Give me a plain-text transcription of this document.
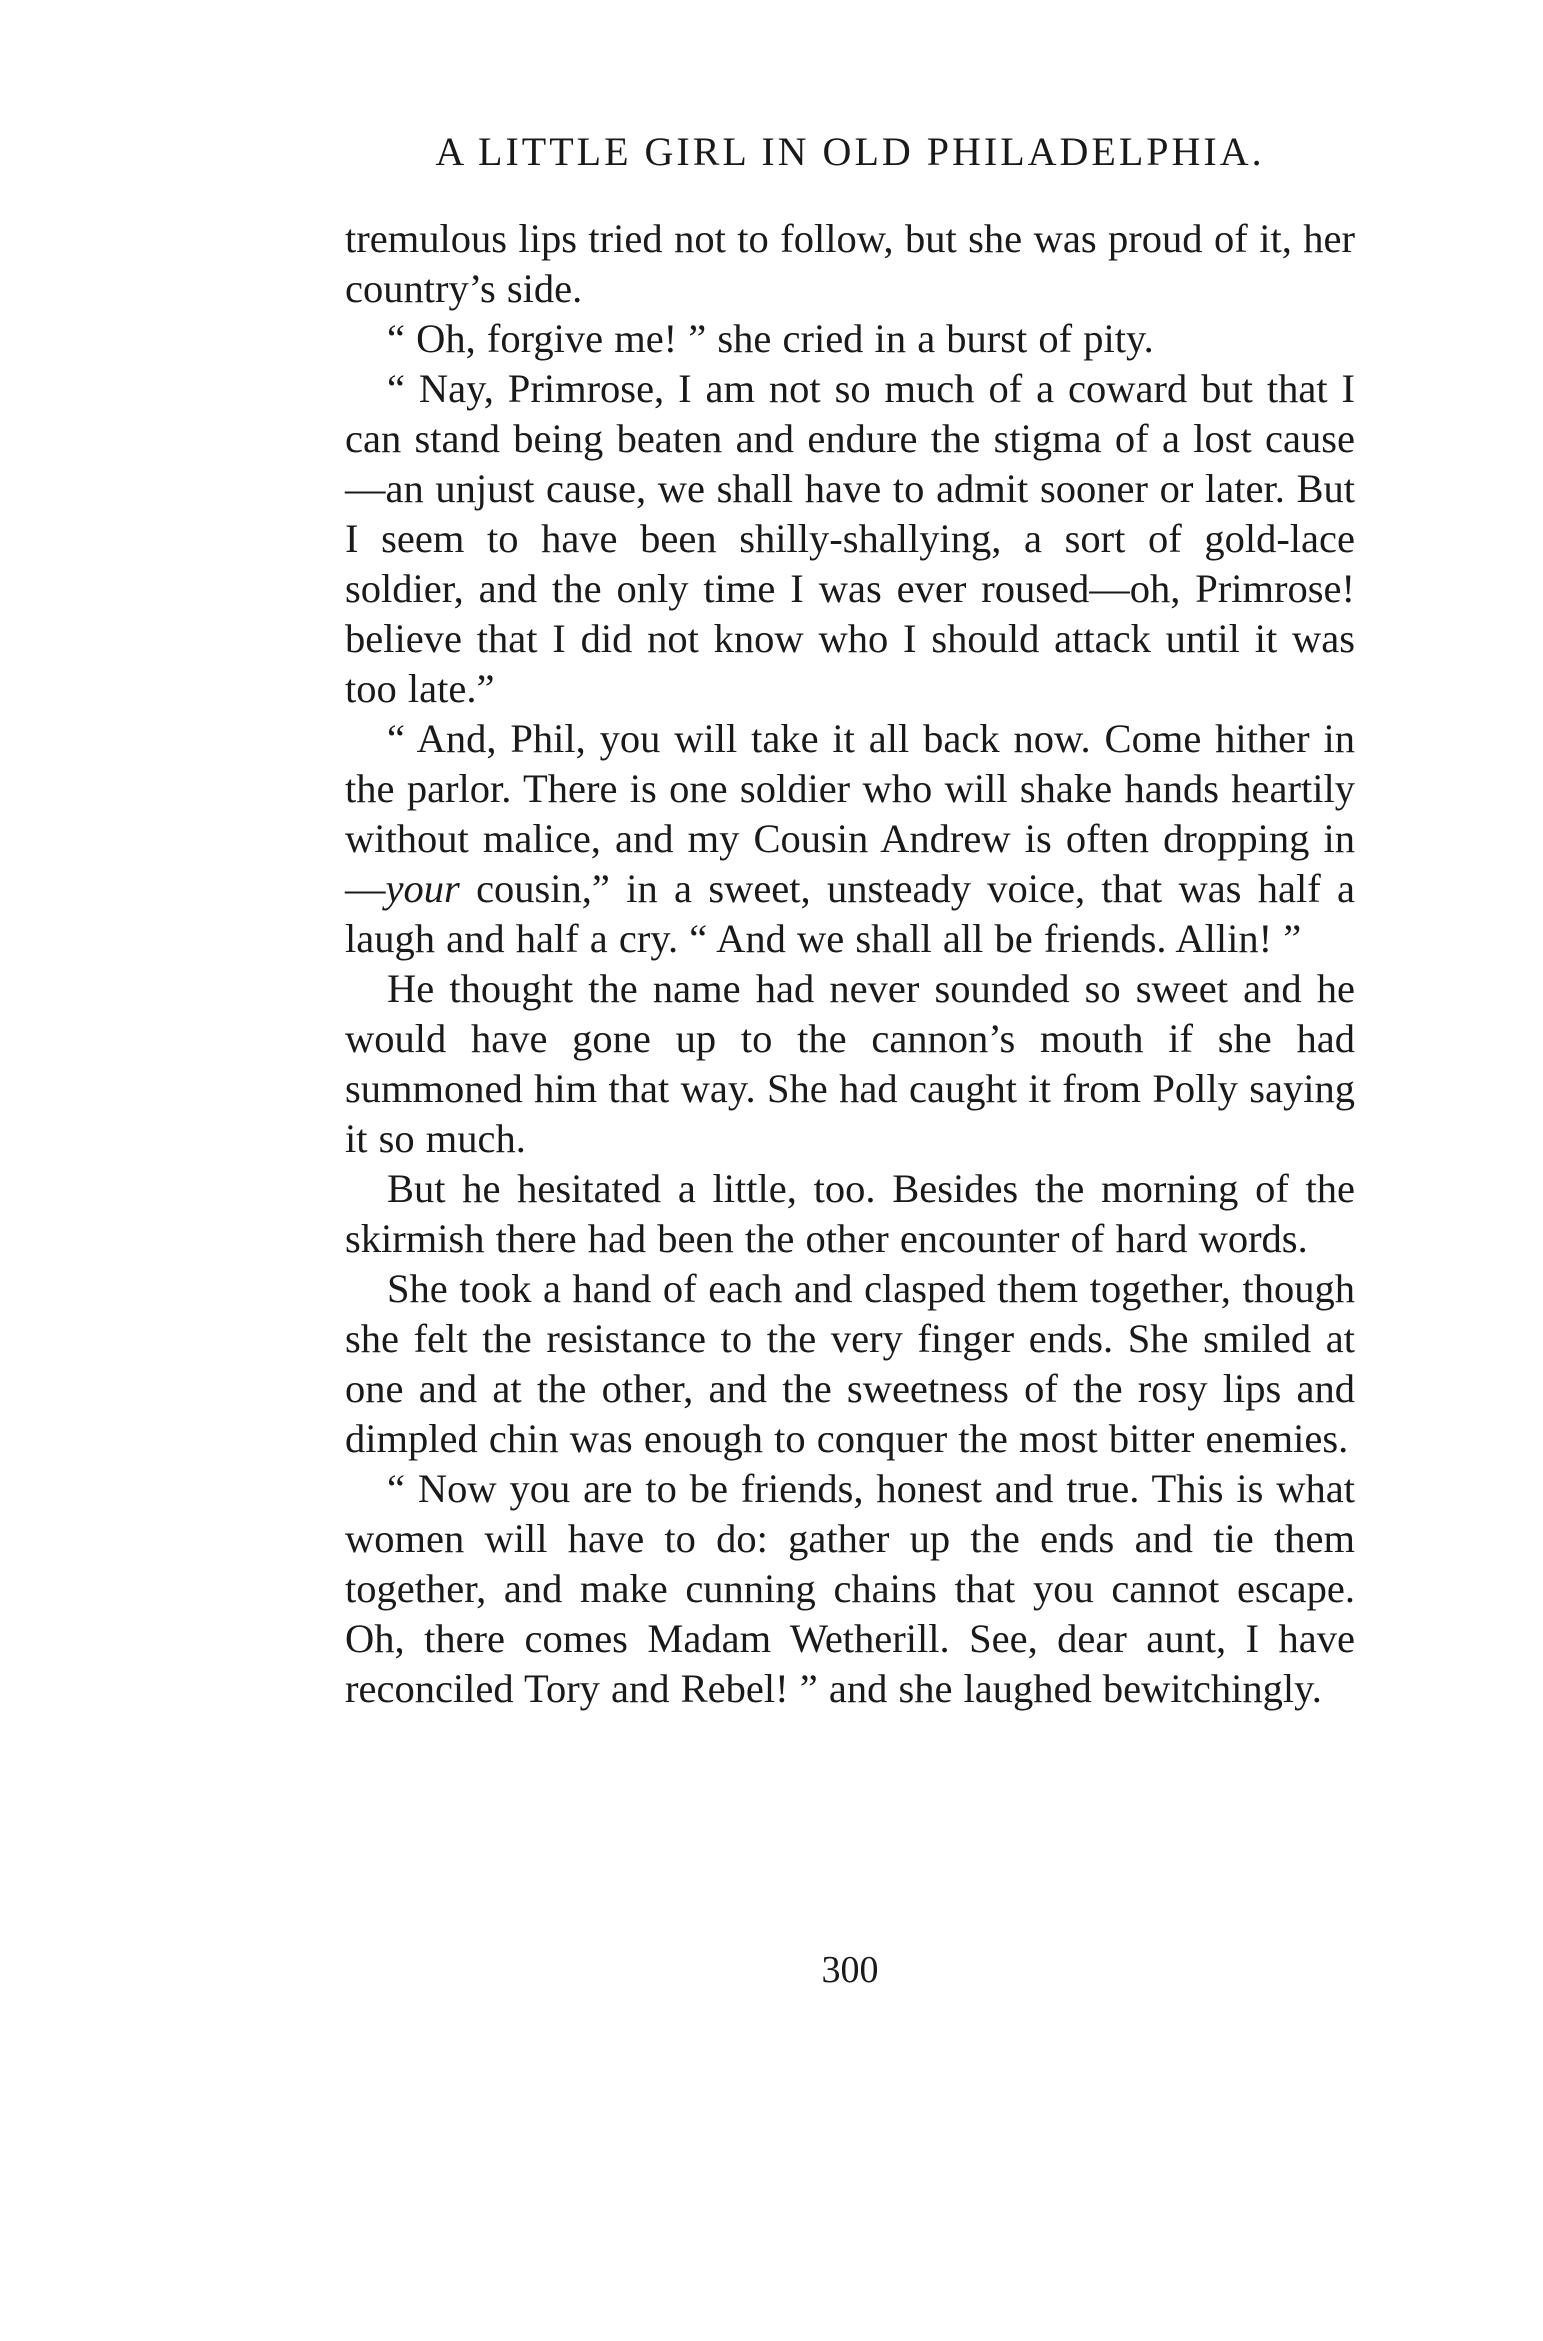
A LITTLE GIRL IN OLD PHILADELPHIA.

tremulous lips tried not to follow, but she was proud of it, her country’s side.

“ Oh, forgive me! ” she cried in a burst of pity.

“ Nay, Primrose, I am not so much of a coward but that I can stand being beaten and endure the stigma of a lost cause—an unjust cause, we shall have to admit sooner or later. But I seem to have been shilly-shallying, a sort of gold-lace soldier, and the only time I was ever roused—oh, Primrose! believe that I did not know who I should attack until it was too late.”

“ And, Phil, you will take it all back now. Come hither in the parlor. There is one soldier who will shake hands heartily without malice, and my Cousin Andrew is often dropping in—your cousin,” in a sweet, unsteady voice, that was half a laugh and half a cry. “ And we shall all be friends. Allin! ”

He thought the name had never sounded so sweet and he would have gone up to the cannon’s mouth if she had summoned him that way. She had caught it from Polly saying it so much.

But he hesitated a little, too. Besides the morning of the skirmish there had been the other encounter of hard words.

She took a hand of each and clasped them together, though she felt the resistance to the very finger ends. She smiled at one and at the other, and the sweetness of the rosy lips and dimpled chin was enough to conquer the most bitter enemies.

“ Now you are to be friends, honest and true. This is what women will have to do: gather up the ends and tie them together, and make cunning chains that you cannot escape. Oh, there comes Madam Wetherill. See, dear aunt, I have reconciled Tory and Rebel! ” and she laughed bewitchingly.

300
